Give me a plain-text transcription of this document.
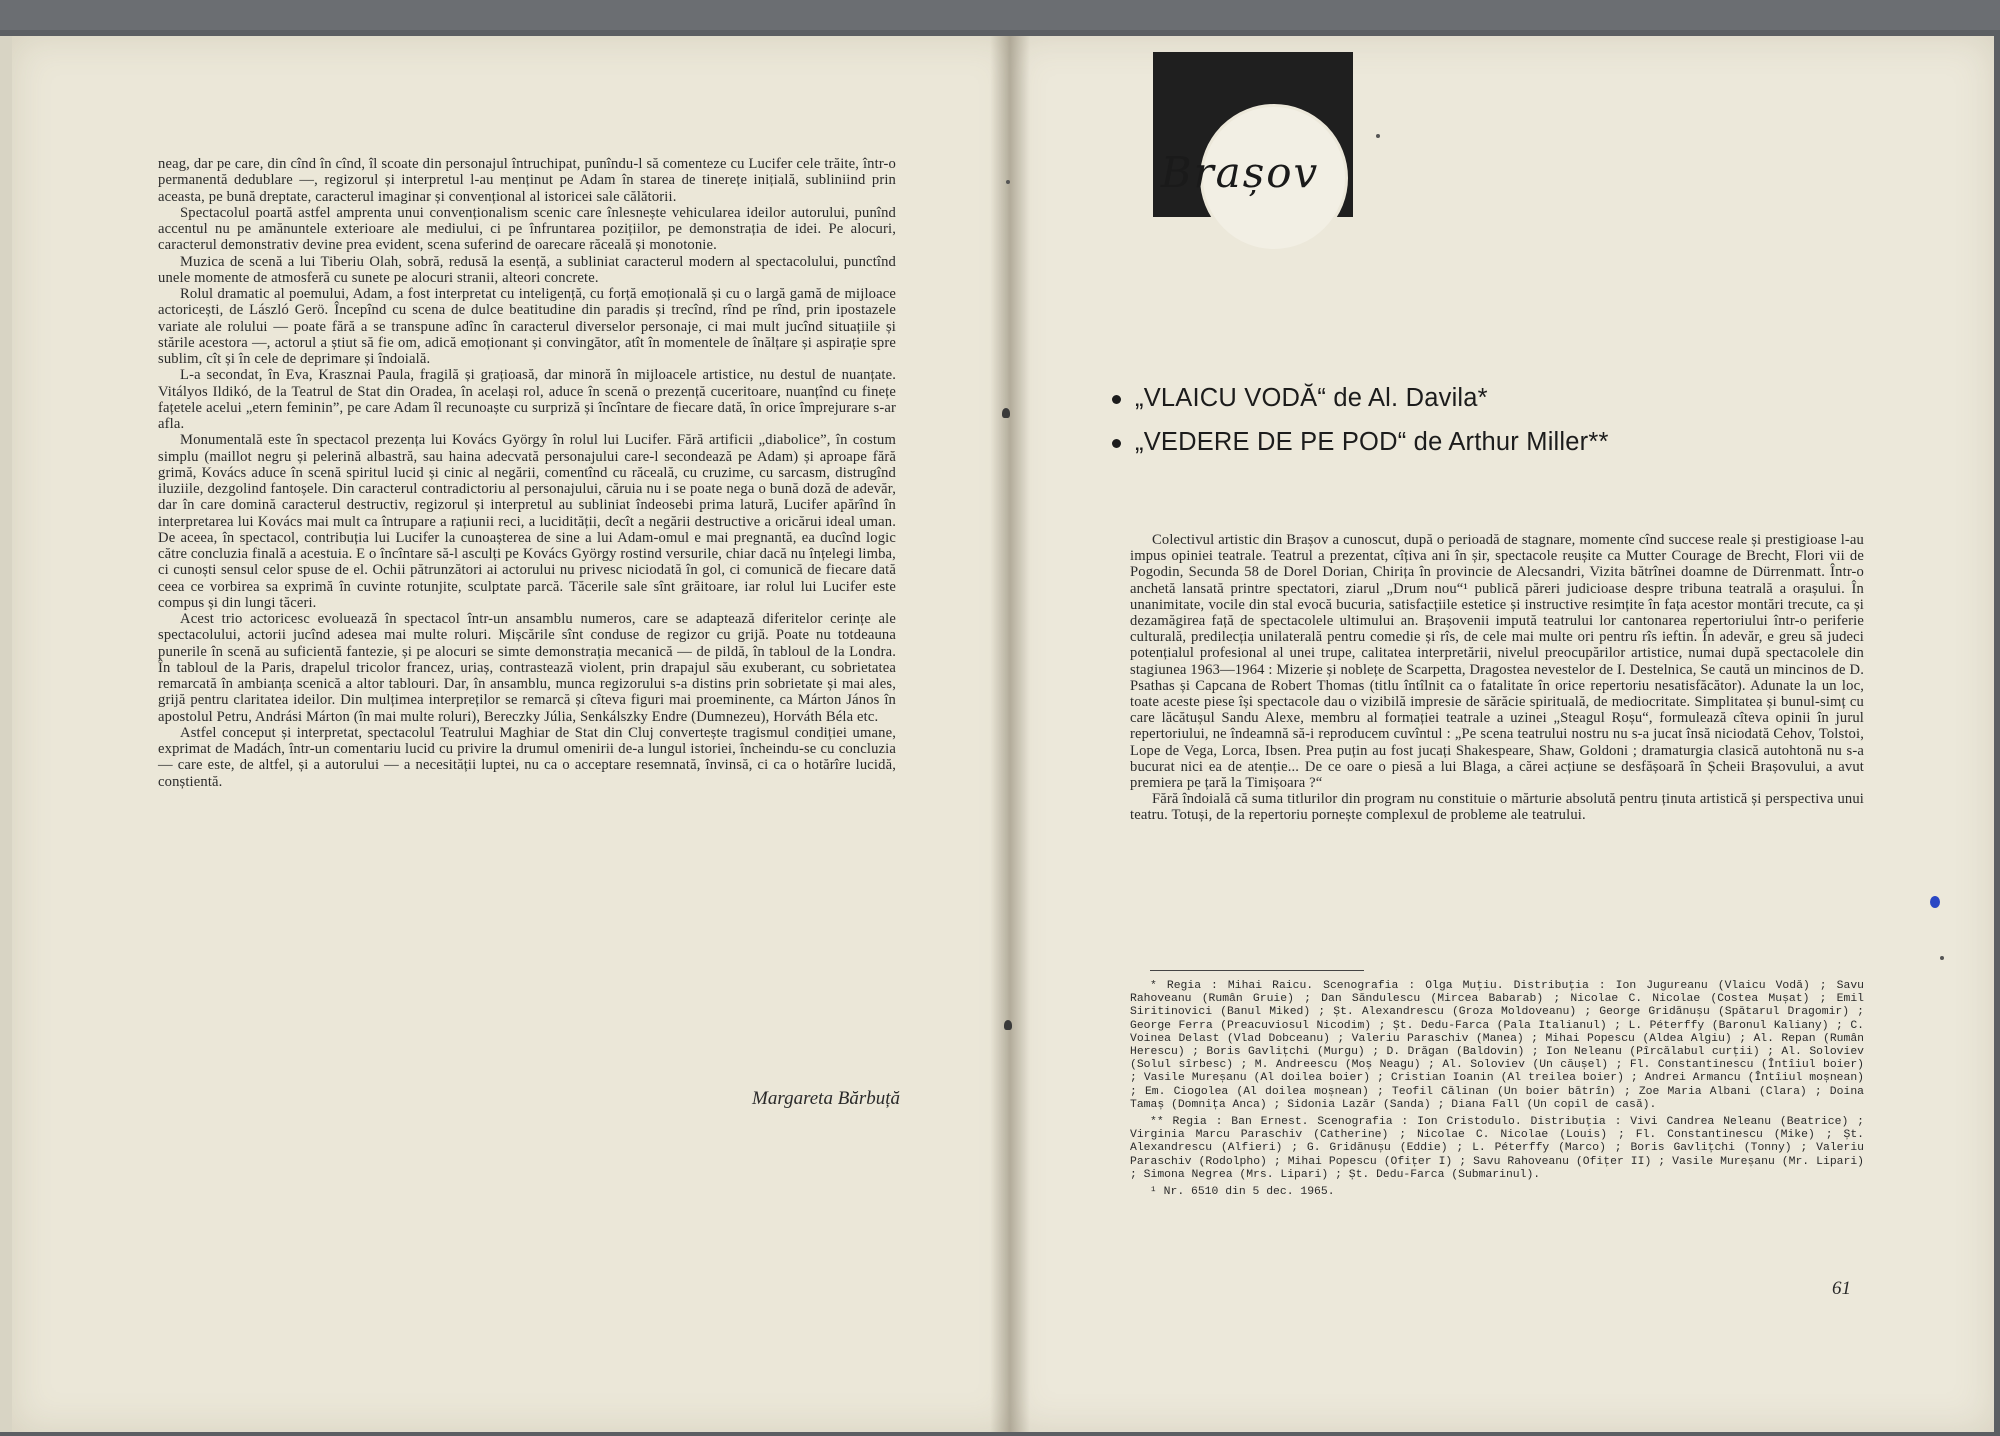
neag, dar pe care, din cînd în cînd, îl scoate din personajul întruchipat, punîndu-l să comenteze cu Lucifer cele trăite, într-o permanentă dedublare —, regizorul și interpretul l-au menținut pe Adam în starea de tinerețe inițială, subliniind prin aceasta, pe bună dreptate, caracterul imaginar și convențional al istoricei sale călătorii.

Spectacolul poartă astfel amprenta unui convenționalism scenic care înlesnește vehicularea ideilor autorului, punînd accentul nu pe amănuntele exterioare ale mediului, ci pe înfruntarea pozițiilor, pe demonstrația de idei. Pe alocuri, caracterul demonstrativ devine prea evident, scena suferind de oarecare răceală și monotonie.

Muzica de scenă a lui Tiberiu Olah, sobră, redusă la esență, a subliniat caracterul modern al spectacolului, punctînd unele momente de atmosferă cu sunete pe alocuri stranii, alteori concrete.

Rolul dramatic al poemului, Adam, a fost interpretat cu inteligență, cu forță emoțională și cu o largă gamă de mijloace actoricești, de László Gerö. Începînd cu scena de dulce beatitudine din paradis și trecînd, rînd pe rînd, prin ipostazele variate ale rolului — poate fără a se transpune adînc în caracterul diverselor personaje, ci mai mult jucînd situațiile și stările acestora —, actorul a știut să fie om, adică emoționant și convingător, atît în momentele de înălțare și aspirație spre sublim, cît și în cele de deprimare și îndoială.

L-a secondat, în Eva, Krasznai Paula, fragilă și grațioasă, dar minoră în mijloacele artistice, nu destul de nuanțate. Vitályos Ildikó, de la Teatrul de Stat din Oradea, în același rol, aduce în scenă o prezență cuceritoare, nuanțînd cu finețe fațetele acelui „etern feminin”, pe care Adam îl recunoaște cu surpriză și încîntare de fiecare dată, în orice împrejurare s-ar afla.

Monumentală este în spectacol prezența lui Kovács György în rolul lui Lucifer. Fără artificii „diabolice”, în costum simplu (maillot negru și pelerină albastră, sau haina adecvată personajului care-l secondează pe Adam) și aproape fără grimă, Kovács aduce în scenă spiritul lucid și cinic al negării, comentînd cu răceală, cu cruzime, cu sarcasm, distrugînd iluziile, dezgolind fantoșele. Din caracterul contradictoriu al personajului, căruia nu i se poate nega o bună doză de adevăr, dar în care domină caracterul destructiv, regizorul și interpretul au subliniat îndeosebi prima latură, Lucifer apărînd în interpretarea lui Kovács mai mult ca întrupare a rațiunii reci, a lucidității, decît a negării destructive a oricărui ideal uman. De aceea, în spectacol, contribuția lui Lucifer la cunoașterea de sine a lui Adam-omul e mai pregnantă, ea ducînd logic către concluzia finală a acestuia. E o încîntare să-l asculți pe Kovács György rostind versurile, chiar dacă nu înțelegi limba, ci cunoști sensul celor spuse de el. Ochii pătrunzători ai actorului nu privesc niciodată în gol, ci comunică de fiecare dată ceea ce vorbirea sa exprimă în cuvinte rotunjite, sculptate parcă. Tăcerile sale sînt grăitoare, iar rolul lui Lucifer este compus și din lungi tăceri.

Acest trio actoricesc evoluează în spectacol într-un ansamblu numeros, care se adaptează diferitelor cerințe ale spectacolului, actorii jucînd adesea mai multe roluri. Mișcările sînt conduse de regizor cu grijă. Poate nu totdeauna punerile în scenă au suficientă fantezie, și pe alocuri se simte demonstrația mecanică — de pildă, în tabloul de la Londra. În tabloul de la Paris, drapelul tricolor francez, uriaș, contrastează violent, prin drapajul său exuberant, cu sobrietatea remarcată în ambianța scenică a altor tablouri. Dar, în ansamblu, munca regizorului s-a distins prin sobrietate și mai ales, grijă pentru claritatea ideilor. Din mulțimea interpreților se remarcă și cîteva figuri mai proeminente, ca Márton János în apostolul Petru, Andrási Márton (în mai multe roluri), Bereczky Júlia, Senkálszky Endre (Dumnezeu), Horváth Béla etc.

Astfel conceput și interpretat, spectacolul Teatrului Maghiar de Stat din Cluj convertește tragismul condiției umane, exprimat de Madách, într-un comentariu lucid cu privire la drumul omenirii de-a lungul istoriei, încheindu-se cu concluzia — care este, de altfel, și a autorului — a necesității luptei, nu ca o acceptare resemnată, învinsă, ci ca o hotărîre lucidă, conștientă.

Margareta Bărbuță
Brașov
„VLAICU VODĂ“ de Al. Davila*
„VEDERE DE PE POD“ de Arthur Miller**

Colectivul artistic din Brașov a cunoscut, după o perioadă de stagnare, momente cînd succese reale și prestigioase l-au impus opiniei teatrale. Teatrul a prezentat, cîțiva ani în șir, spectacole reușite ca Mutter Courage de Brecht, Flori vii de Pogodin, Secunda 58 de Dorel Dorian, Chirița în provincie de Alecsandri, Vizita bătrînei doamne de Dürrenmatt. Într-o anchetă lansată printre spectatori, ziarul „Drum nou“¹ publică păreri judicioase despre tribuna teatrală a orașului. În unanimitate, vocile din stal evocă bucuria, satisfacțiile estetice și instructive resimțite în fața acestor montări trecute, ca și dezamăgirea față de spectacolele ultimului an. Brașovenii impută teatrului lor cantonarea repertoriului într-o periferie culturală, predilecția unilaterală pentru comedie și rîs, de cele mai multe ori pentru rîs ieftin. În adevăr, e greu să judeci potențialul profesional al unei trupe, calitatea interpretării, nivelul preocupărilor artistice, numai după spectacolele din stagiunea 1963—1964 : Mizerie și noblețe de Scarpetta, Dragostea nevestelor de I. Destelnica, Se caută un mincinos de D. Psathas și Capcana de Robert Thomas (titlu întîlnit ca o fatalitate în orice repertoriu nesatisfăcător). Adunate la un loc, toate aceste piese își spectacole dau o vizibilă impresie de sărăcie spirituală, de mediocritate. Simplitatea și bunul-simț cu care lăcătușul Sandu Alexe, membru al formației teatrale a uzinei „Steagul Roșu“, formulează cîteva opinii în jurul repertoriului, ne îndeamnă să-i reproducem cuvîntul : „Pe scena teatrului nostru nu s-a jucat însă niciodată Cehov, Tolstoi, Lope de Vega, Lorca, Ibsen. Prea puțin au fost jucați Shakespeare, Shaw, Goldoni ; dramaturgia clasică autohtonă nu s-a bucurat nici ea de atenție... De ce oare o piesă a lui Blaga, a cărei acțiune se desfășoară în Șcheii Brașovului, a avut premiera pe țară la Timișoara ?“

Fără îndoială că suma titlurilor din program nu constituie o mărturie absolută pentru ținuta artistică și perspectiva unui teatru. Totuși, de la repertoriu pornește complexul de probleme ale teatrului.

* Regia : Mihai Raicu. Scenografia : Olga Muțiu. Distribuția : Ion Jugureanu (Vlaicu Vodă) ; Savu Rahoveanu (Rumân Gruie) ; Dan Săndulescu (Mircea Babarab) ; Nicolae C. Nicolae (Costea Mușat) ; Emil Siritinovici (Banul Miked) ; Șt. Alexandrescu (Groza Moldoveanu) ; George Gridănușu (Spătarul Dragomir) ; George Ferra (Preacuviosul Nicodim) ; Șt. Dedu-Farca (Pala Italianul) ; L. Péterffy (Baronul Kaliany) ; C. Voinea Delast (Vlad Dobceanu) ; Valeriu Paraschiv (Manea) ; Mihai Popescu (Aldea Algiu) ; Al. Repan (Rumân Herescu) ; Boris Gavlițchi (Murgu) ; D. Drăgan (Baldovin) ; Ion Neleanu (Pîrcălabul curții) ; Al. Soloviev (Solul sîrbesc) ; M. Andreescu (Moș Neagu) ; Al. Soloviev (Un căușel) ; Fl. Constantinescu (Întîiul boier) ; Vasile Mureșanu (Al doilea boier) ; Cristian Ioanin (Al treilea boier) ; Andrei Armancu (Întîiul moșnean) ; Em. Ciogolea (Al doilea moșnean) ; Teofil Călinan (Un boier bătrîn) ; Zoe Maria Albani (Clara) ; Doina Tamaș (Domnița Anca) ; Sidonia Lazăr (Sanda) ; Diana Fall (Un copil de casă).

** Regia : Ban Ernest. Scenografia : Ion Cristodulo. Distribuția : Vivi Candrea Neleanu (Beatrice) ; Virginia Marcu Paraschiv (Catherine) ; Nicolae C. Nicolae (Louis) ; Fl. Constantinescu (Mike) ; Șt. Alexandrescu (Alfieri) ; G. Gridănușu (Eddie) ; L. Péterffy (Marco) ; Boris Gavlițchi (Tonny) ; Valeriu Paraschiv (Rodolpho) ; Mihai Popescu (Ofițer I) ; Savu Rahoveanu (Ofițer II) ; Vasile Mureșanu (Mr. Lipari) ; Simona Negrea (Mrs. Lipari) ; Șt. Dedu-Farca (Submarinul).

¹ Nr. 6510 din 5 dec. 1965.

61
